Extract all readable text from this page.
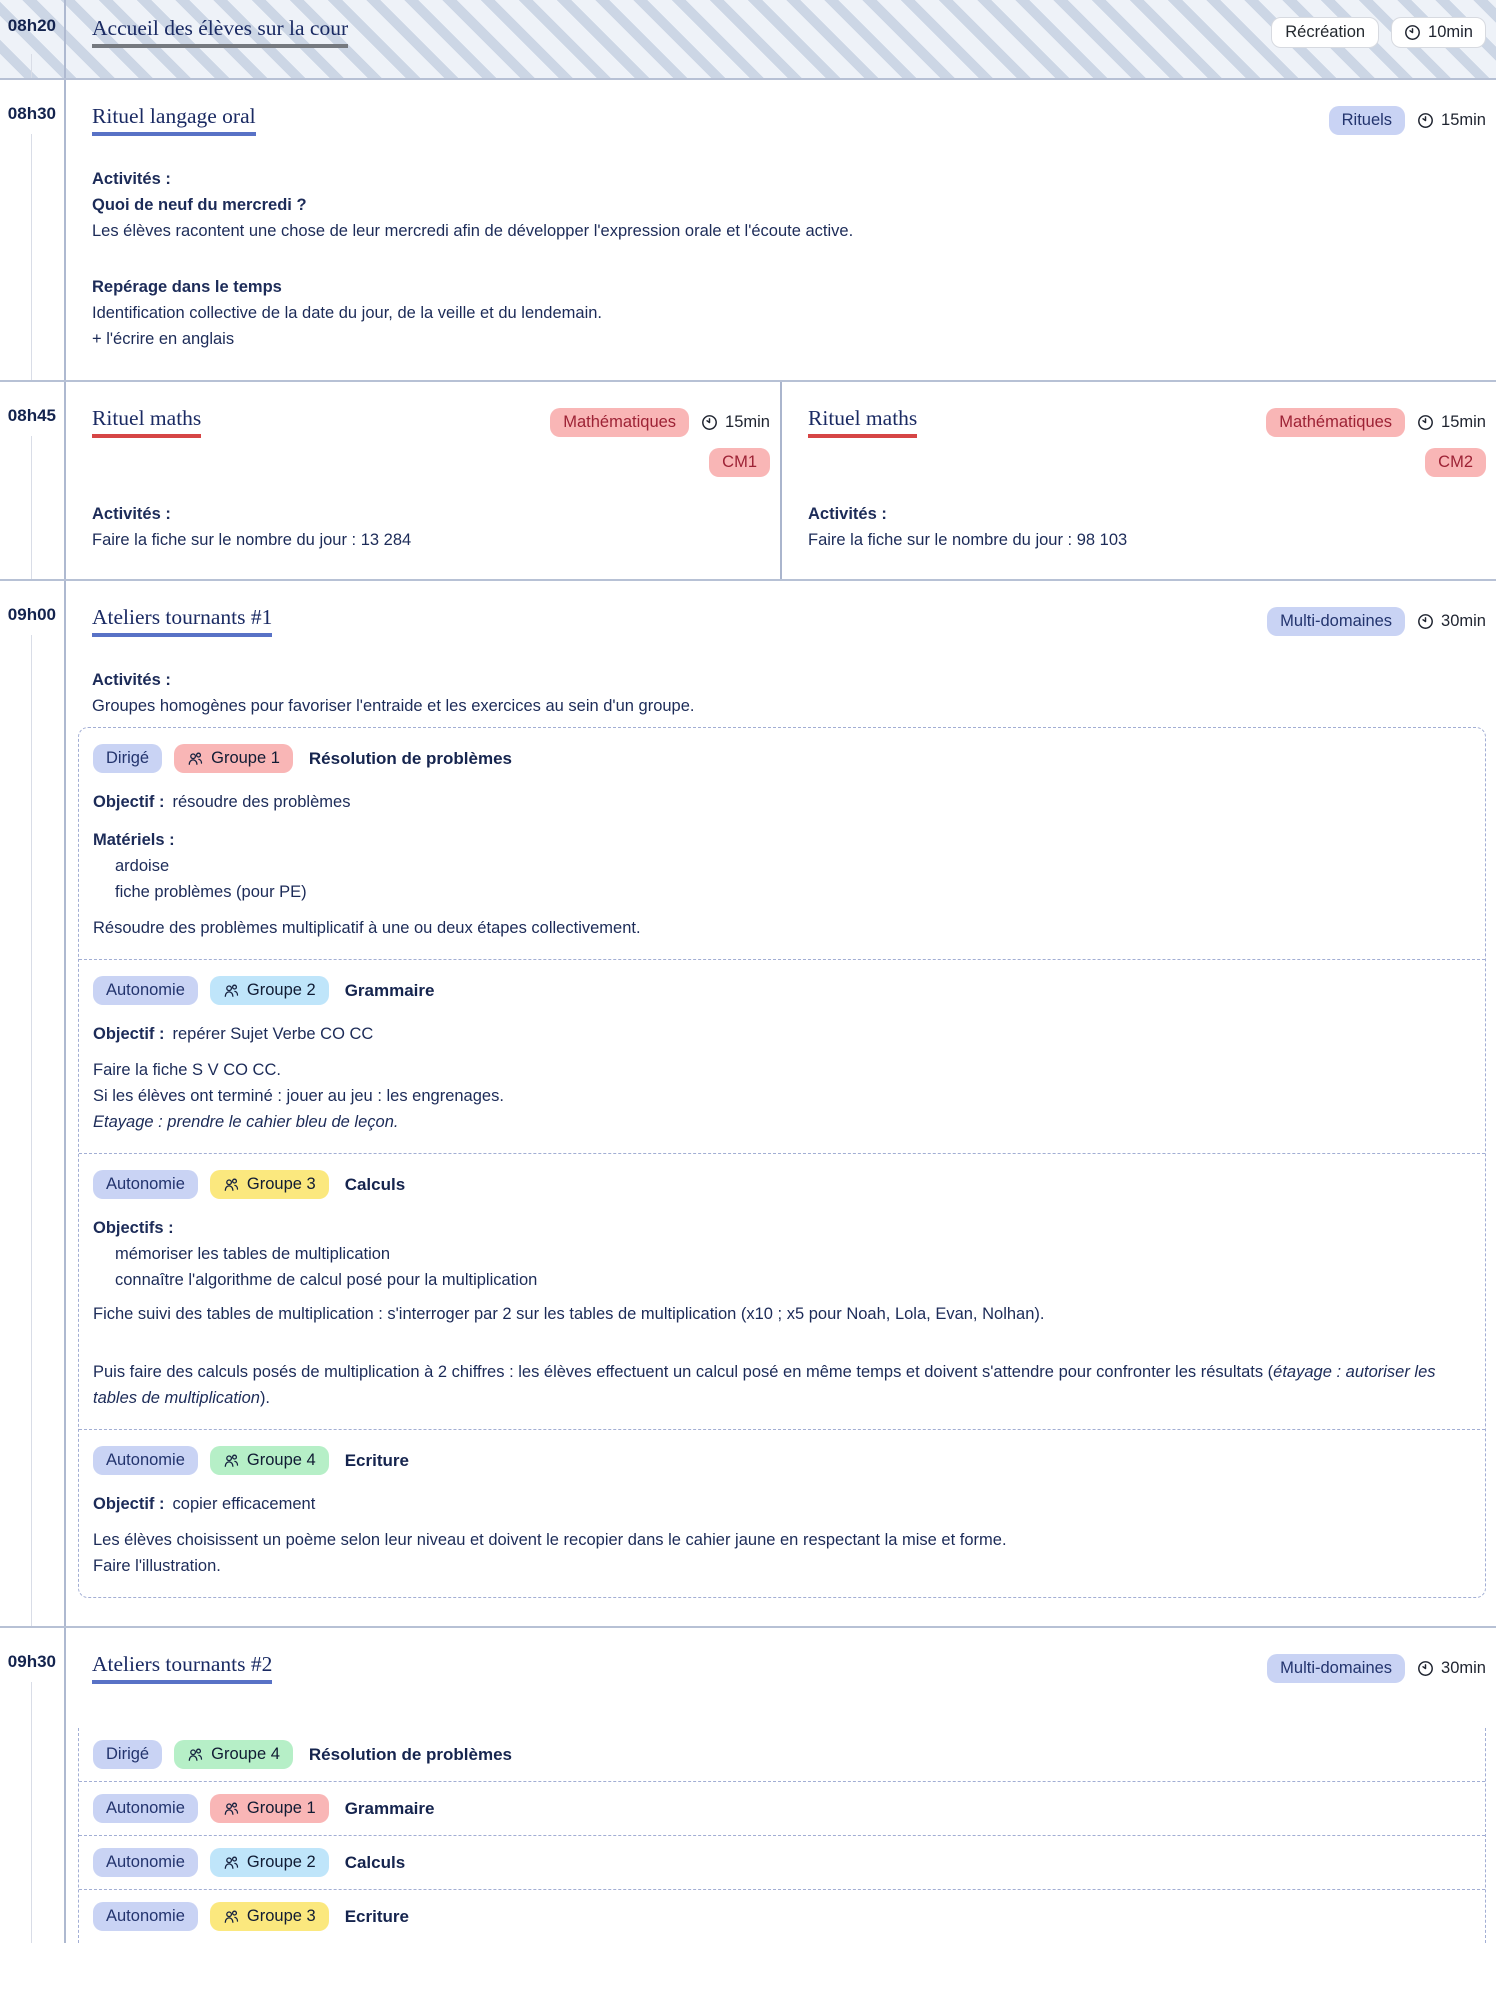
08h20 Accueil des élèves sur la cour	Récréation	10min
08h30 Rituel langage oral	Rituels	15min
Activités :
Quoi de neuf du mercredi ?
Les élèves racontent une chose de leur mercredi afin de développer l'expression orale et l'écoute active.
Repérage dans le temps
Identification collective de la date du jour, de la veille et du lendemain.
+ l'écrire en anglais
08h45 Rituel maths	Mathématiques	15min
CM1
Activités :
Faire la fiche sur le nombre du jour : 13 284
Rituel maths	Mathématiques	15min
CM2
Activités :
Faire la fiche sur le nombre du jour : 98 103
09h00 Ateliers tournants #1	Multi-domaines	30min
Activités :
Groupes homogènes pour favoriser l'entraide et les exercices au sein d'un groupe.
Dirigé	Groupe 1 Résolution de problèmes
Objectif : résoudre des problèmes
Matériels :
ardoise
fiche problèmes (pour PE)
Résoudre des problèmes multiplicatif à une ou deux étapes collectivement.
Autonomie	Groupe 2 Grammaire
Objectif : repérer Sujet Verbe CO CC
Faire la fiche S V CO CC.
Si les élèves ont terminé : jouer au jeu : les engrenages.
Etayage : prendre le cahier bleu de leçon.
Autonomie	Groupe 3 Calculs
Objectifs :
mémoriser les tables de multiplication
connaître l'algorithme de calcul posé pour la multiplication
Fiche suivi des tables de multiplication : s'interroger par 2 sur les tables de multiplication (x10 ; x5 pour Noah, Lola, Evan, Nolhan).
Puis faire des calculs posés de multiplication à 2 chiffres : les élèves effectuent un calcul posé en même temps et doivent s'attendre pour confronter les résultats (étayage : autoriser les tables de multiplication).
Autonomie	Groupe 4 Ecriture
Objectif : copier efficacement
Les élèves choisissent un poème selon leur niveau et doivent le recopier dans le cahier jaune en respectant la mise et forme.
Faire l'illustration.
09h30 Ateliers tournants #2	Multi-domaines	30min
Dirigé	Groupe 4 Résolution de problèmes
Autonomie	Groupe 1 Grammaire
Autonomie	Groupe 2 Calculs
Autonomie	Groupe 3 Ecriture
